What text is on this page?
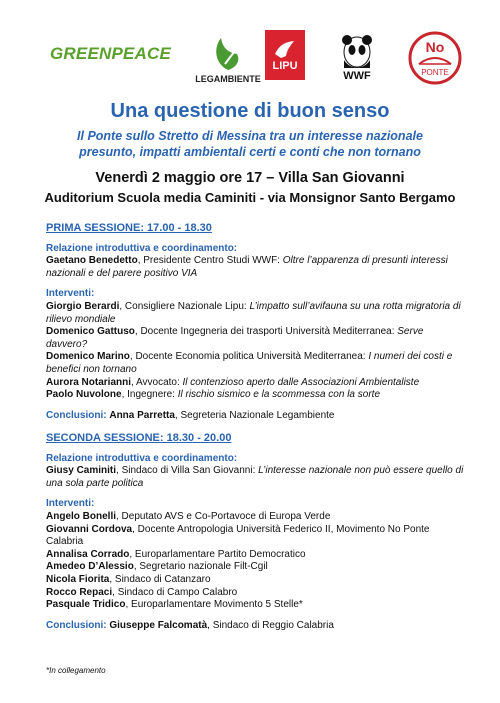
GREENPEACE
LEGAMBIENTE
LIPU
WWF
No
PONTE
Una questione di buon senso
Il Ponte sullo Stretto di Messina tra un interesse nazionale
presunto, impatti ambientali certi e conti che non tornano
Venerdì 2 maggio ore 17 – Villa San Giovanni
Auditorium Scuola media Caminiti - via Monsignor Santo Bergamo
PRIMA SESSIONE: 17.00 - 18.30
Relazione introduttiva e coordinamento:
Gaetano Benedetto, Presidente Centro Studi WWF: Oltre l’apparenza di presunti interessi nazionali e del parere positivo VIA
Interventi:
Giorgio Berardi, Consigliere Nazionale Lipu: L’impatto sull’avifauna su una rotta migratoria di rilievo mondiale
Domenico Gattuso, Docente Ingegneria dei trasporti Università Mediterranea: Serve davvero?
Domenico Marino, Docente Economia politica Università Mediterranea: I numeri dei costi e benefici non tornano
Aurora Notarianni, Avvocato: Il contenzioso aperto dalle Associazioni Ambientaliste
Paolo Nuvolone, Ingegnere: Il rischio sismico e la scommessa con la sorte
Conclusioni: Anna Parretta, Segreteria Nazionale Legambiente
SECONDA SESSIONE: 18.30 - 20.00
Relazione introduttiva e coordinamento:
Giusy Caminiti, Sindaco di Villa San Giovanni: L’interesse nazionale non può essere quello di una sola parte politica
Interventi:
Angelo Bonelli, Deputato AVS e Co-Portavoce di Europa Verde
Giovanni Cordova, Docente Antropologia Università Federico II, Movimento No Ponte Calabria
Annalisa Corrado, Europarlamentare Partito Democratico
Amedeo D’Alessio, Segretario nazionale Filt-Cgil
Nicola Fiorita, Sindaco di Catanzaro
Rocco Repaci, Sindaco di Campo Calabro
Pasquale Tridico, Europarlamentare Movimento 5 Stelle*
Conclusioni: Giuseppe Falcomatà, Sindaco di Reggio Calabria
*In collegamento
